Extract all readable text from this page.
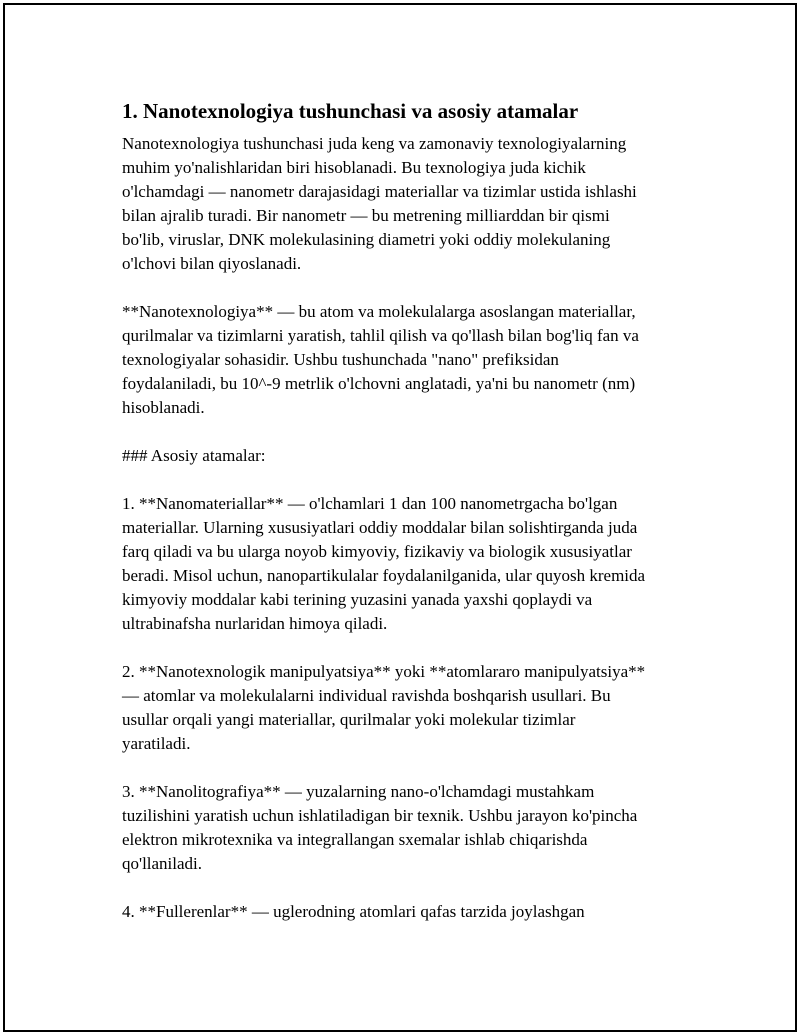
1. Nanotexnologiya tushunchasi va asosiy atamalar

Nanotexnologiya tushunchasi juda keng va zamonaviy texnologiyalarning
muhim yo'nalishlaridan biri hisoblanadi. Bu texnologiya juda kichik
o'lchamdagi — nanometr darajasidagi materiallar va tizimlar ustida ishlashi
bilan ajralib turadi. Bir nanometr — bu metrening milliarddan bir qismi
bo'lib, viruslar, DNK molekulasining diametri yoki oddiy molekulaning
o'lchovi bilan qiyoslanadi.

**Nanotexnologiya** — bu atom va molekulalarga asoslangan materiallar,
qurilmalar va tizimlarni yaratish, tahlil qilish va qo'llash bilan bog'liq fan va
texnologiyalar sohasidir. Ushbu tushunchada "nano" prefiksidan
foydalaniladi, bu 10^-9 metrlik o'lchovni anglatadi, ya'ni bu nanometr (nm)
hisoblanadi.

### Asosiy atamalar:

1. **Nanomateriallar** — o'lchamlari 1 dan 100 nanometrgacha bo'lgan
materiallar. Ularning xususiyatlari oddiy moddalar bilan solishtirganda juda
farq qiladi va bu ularga noyob kimyoviy, fizikaviy va biologik xususiyatlar
beradi. Misol uchun, nanopartikulalar foydalanilganida, ular quyosh kremida
kimyoviy moddalar kabi terining yuzasini yanada yaxshi qoplaydi va
ultrabinafsha nurlaridan himoya qiladi.

2. **Nanotexnologik manipulyatsiya** yoki **atomlararo manipulyatsiya**
— atomlar va molekulalarni individual ravishda boshqarish usullari. Bu
usullar orqali yangi materiallar, qurilmalar yoki molekular tizimlar
yaratiladi.

3. **Nanolitografiya** — yuzalarning nano-o'lchamdagi mustahkam
tuzilishini yaratish uchun ishlatiladigan bir texnik. Ushbu jarayon ko'pincha
elektron mikrotexnika va integrallangan sxemalar ishlab chiqarishda
qo'llaniladi.

4. **Fullerenlar** — uglerodning atomlari qafas tarzida joylashgan
